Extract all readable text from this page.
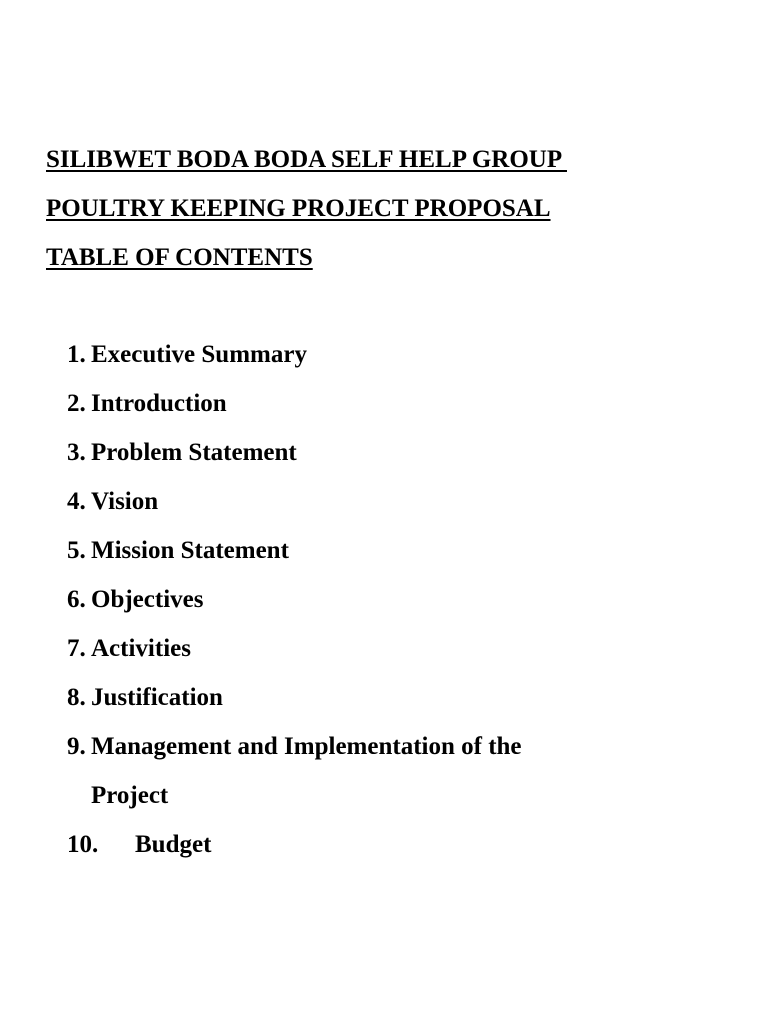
SILIBWET BODA BODA SELF HELP GROUP

POULTRY KEEPING PROJECT PROPOSAL

TABLE OF CONTENTS

1. Executive Summary

2. Introduction

3. Problem Statement

4. Vision

5. Mission Statement

6. Objectives

7. Activities

8. Justification

9. Management and Implementation of the

Project

10. Budget
